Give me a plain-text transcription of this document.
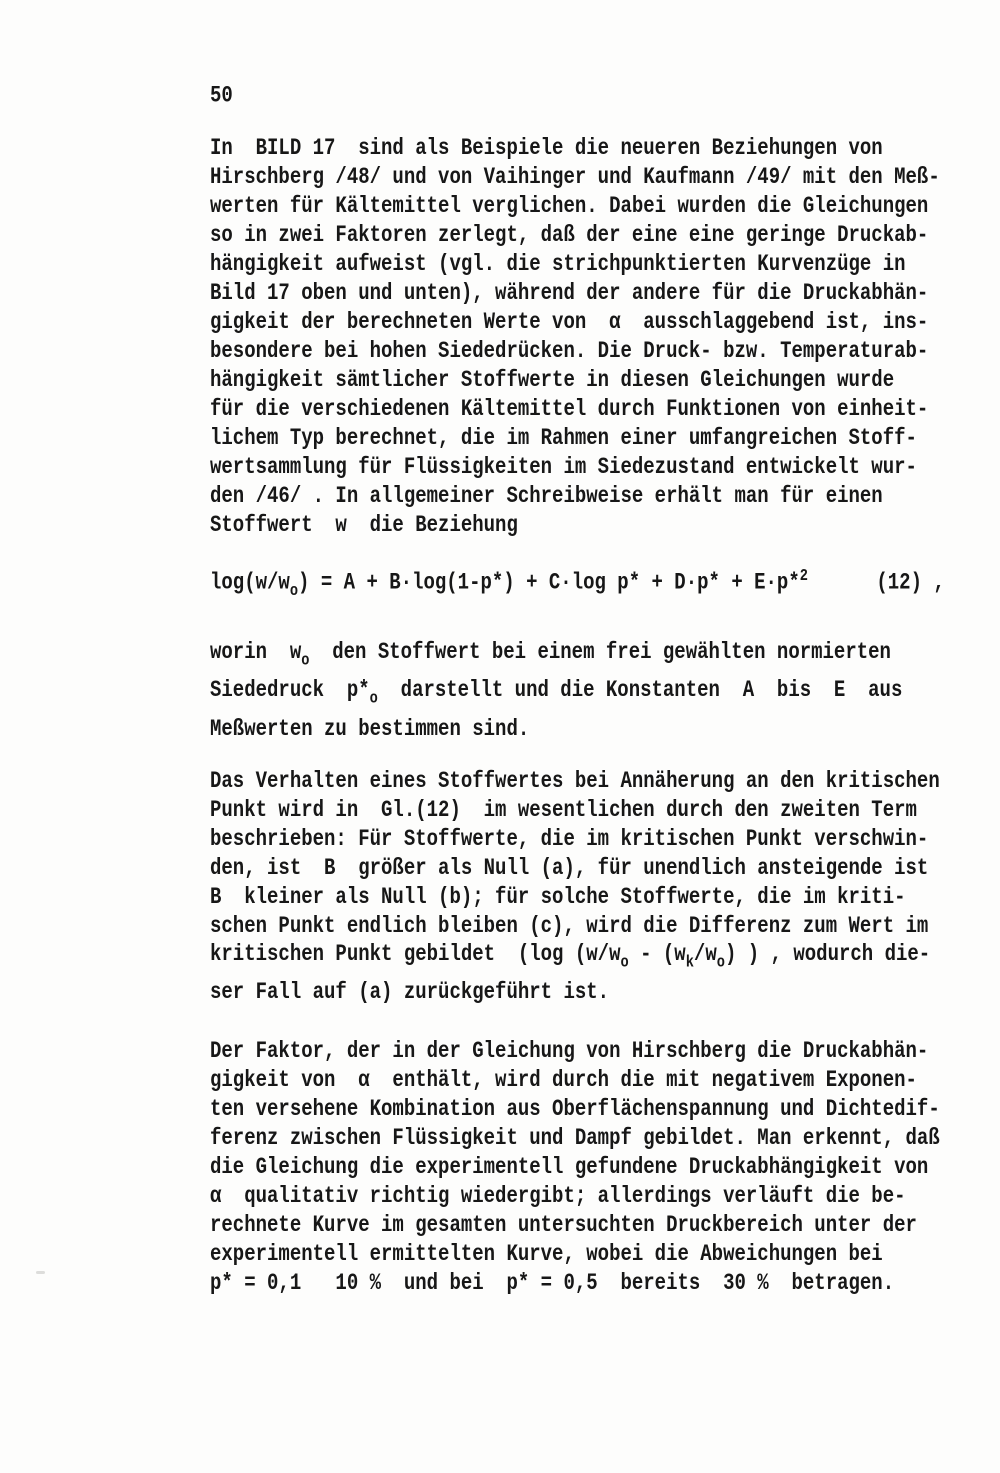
50
In  BILD 17  sind als Beispiele die neueren Beziehungen von
Hirschberg /48/ und von Vaihinger und Kaufmann /49/ mit den Meß-
werten für Kältemittel verglichen. Dabei wurden die Gleichungen
so in zwei Faktoren zerlegt, daß der eine eine geringe Druckab-
hängigkeit aufweist (vgl. die strichpunktierten Kurvenzüge in
Bild 17 oben und unten), während der andere für die Druckabhän-
gigkeit der berechneten Werte von  α  ausschlaggebend ist, ins-
besondere bei hohen Siededrücken. Die Druck- bzw. Temperaturab-
hängigkeit sämtlicher Stoffwerte in diesen Gleichungen wurde
für die verschiedenen Kältemittel durch Funktionen von einheit-
lichem Typ berechnet, die im Rahmen einer umfangreichen Stoff-
wertsammlung für Flüssigkeiten im Siedezustand entwickelt wur-
den /46/ . In allgemeiner Schreibweise erhält man für einen
Stoffwert  w  die Beziehung
$\log(w/w_o) = A + B\cdot\log(1-p*) + C\cdot\log$ p* + D·p* + E·p*$^2$      (12) ,
worin  $w_o$  den Stoffwert bei einem frei gewählten normierten
Siededruck  $p*_o$  darstellt und die Konstanten  A  bis  E  aus
Meßwerten zu bestimmen sind.
Das Verhalten eines Stoffwertes bei Annäherung an den kritischen
Punkt wird in  Gl.(12)  im wesentlichen durch den zweiten Term
beschrieben: Für Stoffwerte, die im kritischen Punkt verschwin-
den, ist  B  größer als Null (a), für unendlich ansteigende ist
B  kleiner als Null (b); für solche Stoffwerte, die im kriti-
schen Punkt endlich bleiben (c), wird die Differenz zum Wert im
kritischen Punkt gebildet  (log ($w/w_o - (w_k/w_o)$ ) , wodurch die-
ser Fall auf (a) zurückgeführt ist.
Der Faktor, der in der Gleichung von Hirschberg die Druckabhän-
gigkeit von  α  enthält, wird durch die mit negativem Exponen-
ten versehene Kombination aus Oberflächenspannung und Dichtedif-
ferenz zwischen Flüssigkeit und Dampf gebildet. Man erkennt, daß
die Gleichung die experimentell gefundene Druckabhängigkeit von
α  qualitativ richtig wiedergibt; allerdings verläuft die be-
rechnete Kurve im gesamten untersuchten Druckbereich unter der
experimentell ermittelten Kurve, wobei die Abweichungen bei
p* = 0,1   10 %  und bei  p* = 0,5  bereits  30 %  betragen.
